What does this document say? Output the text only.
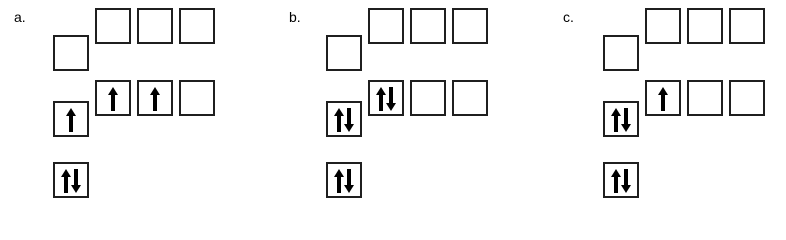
a.	b.	c.
